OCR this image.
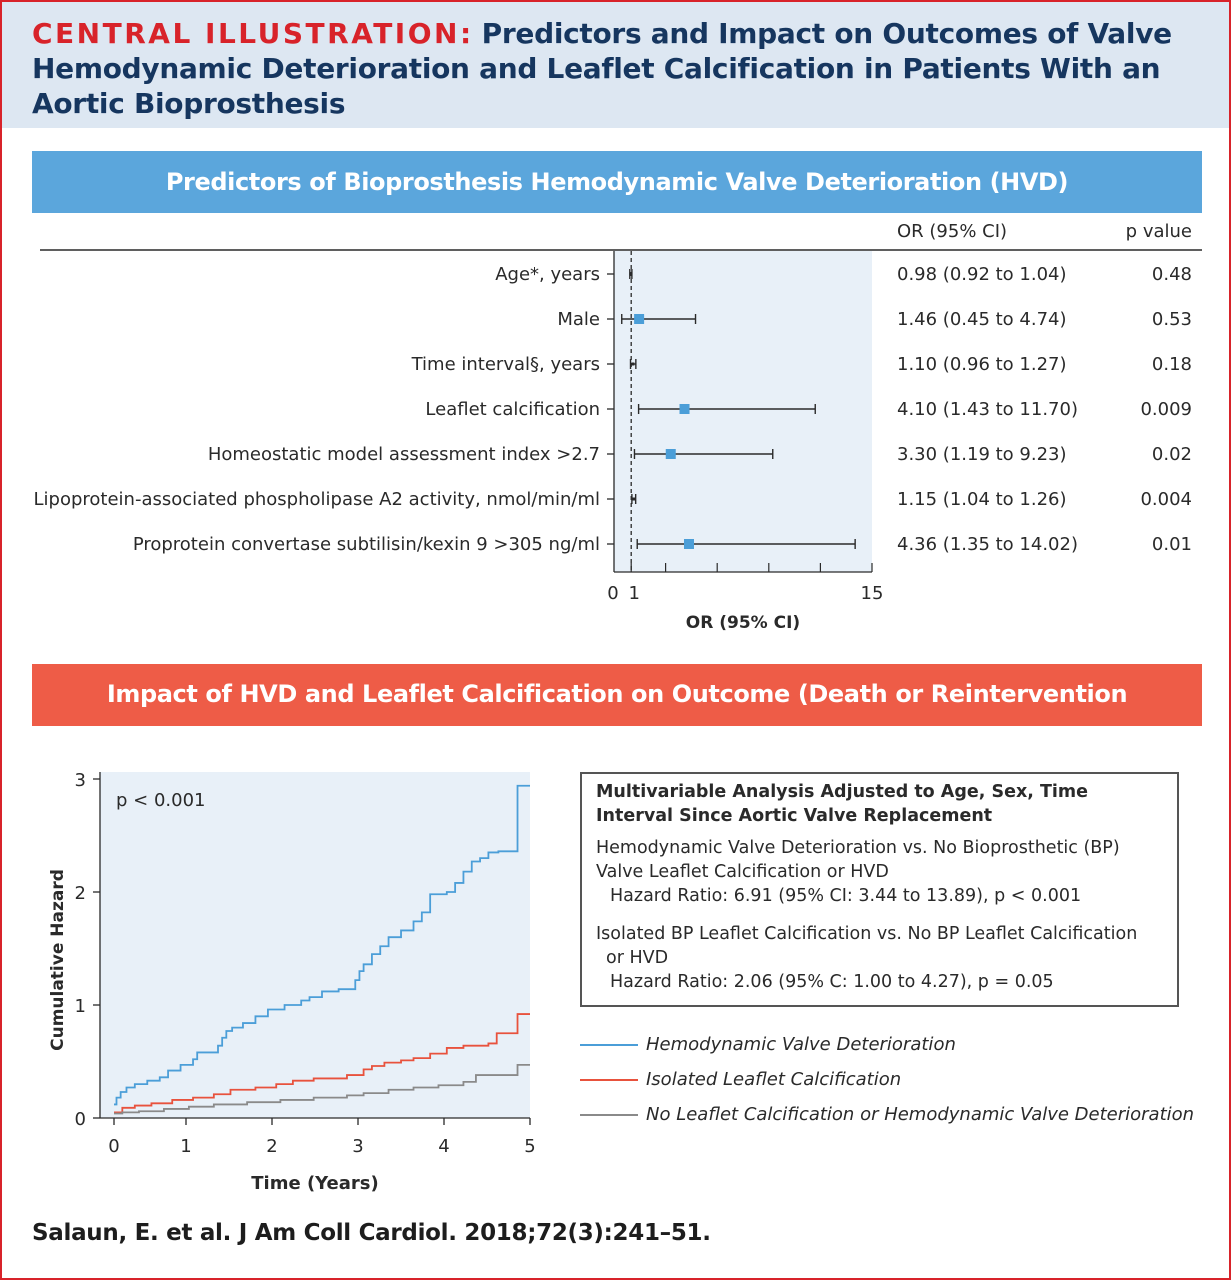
CENTRAL ILLUSTRATION: Predictors and Impact on Outcomes of Valve Hemodynamic Deterioration and Leaflet Calcification in Patients With an Aortic Bioprosthesis
Predictors of Bioprosthesis Hemodynamic Valve Deterioration (HVD)
OR (95% CI)	p value
0 1	15
OR (95% CI)
Age*, years	0.98 (0.92 to 1.04)	0.48
Male	1.46 (0.45 to 4.74)	0.53
Time interval§, years	1.10 (0.96 to 1.27)	0.18
Leaflet calcification	4.10 (1.43 to 11.70)	0.009
Homeostatic model assessment index >2.7	3.30 (1.19 to 9.23)	0.02
Lipoprotein-associated phospholipase A2 activity, nmol/min/ml	1.15 (1.04 to 1.26)	0.004
Proprotein convertase subtilisin/kexin 9 >305 ng/ml	4.36 (1.35 to 14.02)	0.01
Impact of HVD and Leaflet Calcification on Outcome (Death or Reintervention Procedure)
0
1
2
3
0	1	2	3	4	5
Time (Years)
Cumulative Hazard
p < 0.001	Multivariable Analysis Adjusted to Age, Sex, Time Interval Since Aortic Valve Replacement
Hemodynamic Valve Deterioration vs. No Bioprosthetic (BP) Valve Leaflet Calcification or HVD
Hazard Ratio: 6.91 (95% CI: 3.44 to 13.89), p < 0.001
Isolated BP Leaflet Calcification vs. No BP Leaflet Calcification
or HVD
Hazard Ratio: 2.06 (95% C: 1.00 to 4.27), p = 0.05
Hemodynamic Valve Deterioration
Isolated Leaflet Calcification
No Leaflet Calcification or Hemodynamic Valve Deterioration
Salaun, E. et al. J Am Coll Cardiol. 2018;72(3):241–51.
